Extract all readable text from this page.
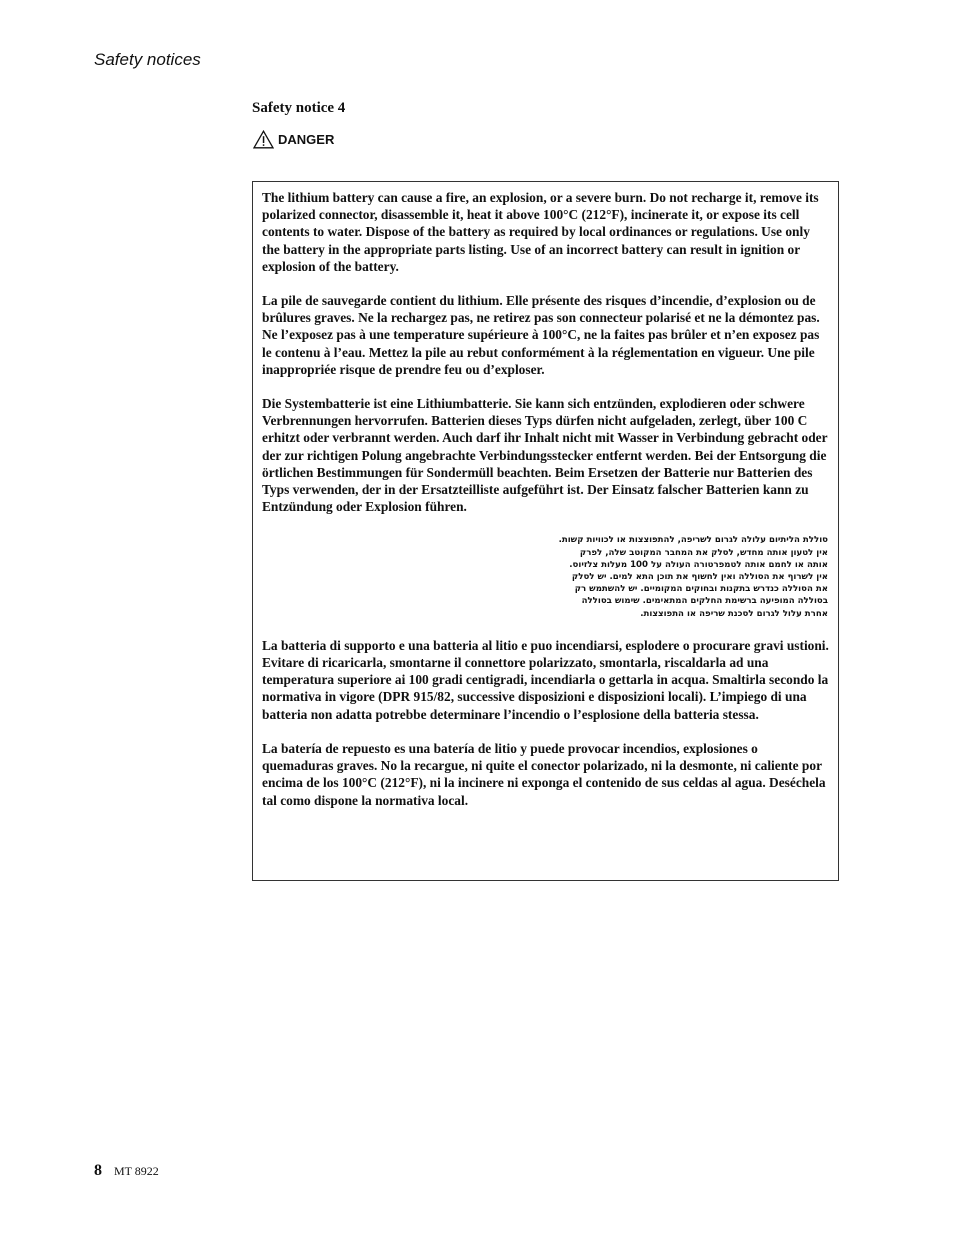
Safety notices
Safety notice 4
DANGER

The lithium battery can cause a fire, an explosion, or a severe burn. Do not recharge it, remove its polarized connector, disassemble it, heat it above 100°C (212°F), incinerate it, or expose its cell contents to water. Dispose of the battery as required by local ordinances or regulations. Use only the battery in the appropriate parts listing. Use of an incorrect battery can result in ignition or explosion of the battery.

La pile de sauvegarde contient du lithium. Elle présente des risques d’incendie, d’explosion ou de brûlures graves. Ne la rechargez pas, ne retirez pas son connecteur polarisé et ne la démontez pas. Ne l’exposez pas à une temperature supérieure à 100°C, ne la faites pas brûler et n’en exposez pas le contenu à l’eau. Mettez la pile au rebut conformément à la réglementation en vigueur. Une pile inappropriée risque de prendre feu ou d’exploser.

Die Systembatterie ist eine Lithiumbatterie. Sie kann sich entzünden, explodieren oder schwere Verbrennungen hervorrufen. Batterien dieses Typs dürfen nicht aufgeladen, zerlegt, über 100 C erhitzt oder verbrannt werden. Auch darf ihr Inhalt nicht mit Wasser in Verbindung gebracht oder der zur richtigen Polung angebrachte Verbindungsstecker entfernt werden. Bei der Entsorgung die örtlichen Bestimmungen für Sondermüll beachten. Beim Ersetzen der Batterie nur Batterien des Typs verwenden, der in der Ersatzteilliste aufgeführt ist. Der Einsatz falscher Batterien kann zu Entzündung oder Explosion führen.

סוללת הליתיום עלולה לגרום לשריפה, להתפוצצות או לכוויות קשות. אין לטעון אותה מחדש, לסלק את המחבר המקוטב שלה, לפרק אותה או לחמם אותה לטמפרטורה העולה על 100 מעלות צלזיוס. אין לשרוף את הסוללה ואין לחשוף את תוכן התא למים. יש לסלק את הסוללה כנדרש בתקנות ובחוקים המקומיים. יש להשתמש רק בסוללה המופיעה ברשימת החלקים המתאימים. שימוש בסוללה אחרת עלול לגרום לסכנת שריפה או התפוצצות.

La batteria di supporto e una batteria al litio e puo incendiarsi, esplodere o procurare gravi ustioni. Evitare di ricaricarla, smontarne il connettore polarizzato, smontarla, riscaldarla ad una temperatura superiore ai 100 gradi centigradi, incendiarla o gettarla in acqua. Smaltirla secondo la normativa in vigore (DPR 915/82, successive disposizioni e disposizioni locali). L’impiego di una batteria non adatta potrebbe determinare l’incendio o l’esplosione della batteria stessa.

La batería de repuesto es una batería de litio y puede provocar incendios, explosiones o quemaduras graves. No la recargue, ni quite el conector polarizado, ni la desmonte, ni caliente por encima de los 100°C (212°F), ni la incinere ni exponga el contenido de sus celdas al agua. Deséchela tal como dispone la normativa local.

8 MT 8922
